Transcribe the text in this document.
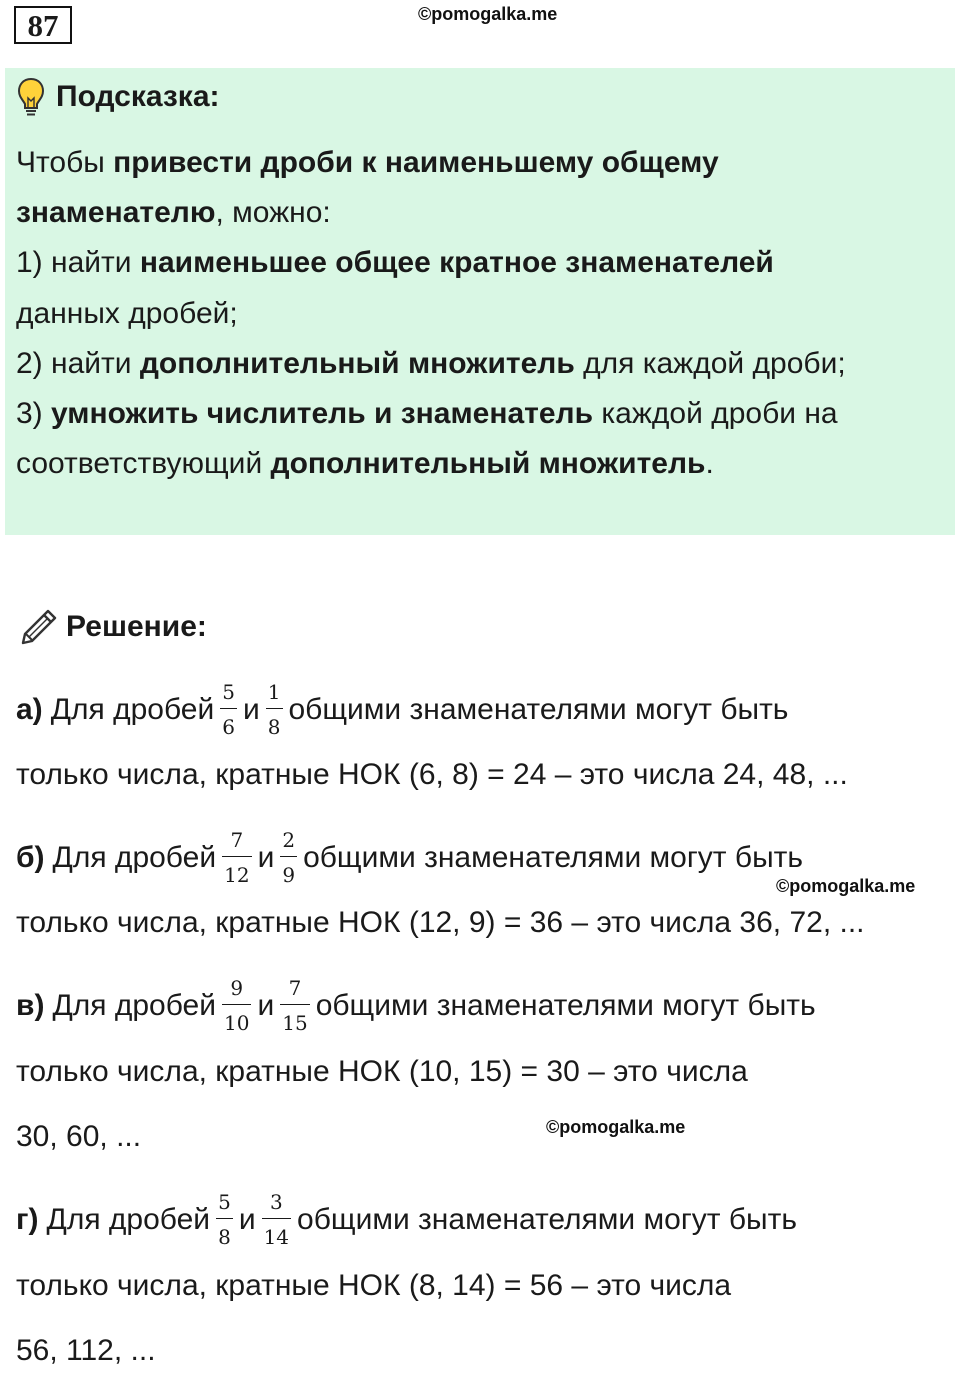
87	©pomogalka.me
Подсказка:
Чтобы привести дроби к наименьшему общему
знаменателю, можно:
1) найти наименьшее общее кратное знаменателей
данных дробей;
2) найти дополнительный множитель для каждой дроби;
3) умножить числитель и знаменатель каждой дроби на
соответствующий дополнительный множитель.
Решение:
а) Для дробей $\frac{5}{6}$ и $\frac{1}{8}$ общими знаменателями могут быть
только числа, кратные НОК (6, 8) = 24 – это числа 24, 48, ...
б) Для дробей $\frac{7}{12}$ и $\frac{2}{9}$ общими знаменателями могут быть
©pomogalka.me
только числа, кратные НОК (12, 9) = 36 – это числа 36, 72, ...
в) Для дробей $\frac{9}{10}$ и $\frac{7}{15}$ общими знаменателями могут быть
только числа, кратные НОК (10, 15) = 30 – это числа
30, 60, ...	©pomogalka.me
г) Для дробей $\frac{5}{8}$ и $\frac{3}{14}$ общими знаменателями могут быть
только числа, кратные НОК (8, 14) = 56 – это числа
56, 112, ...
